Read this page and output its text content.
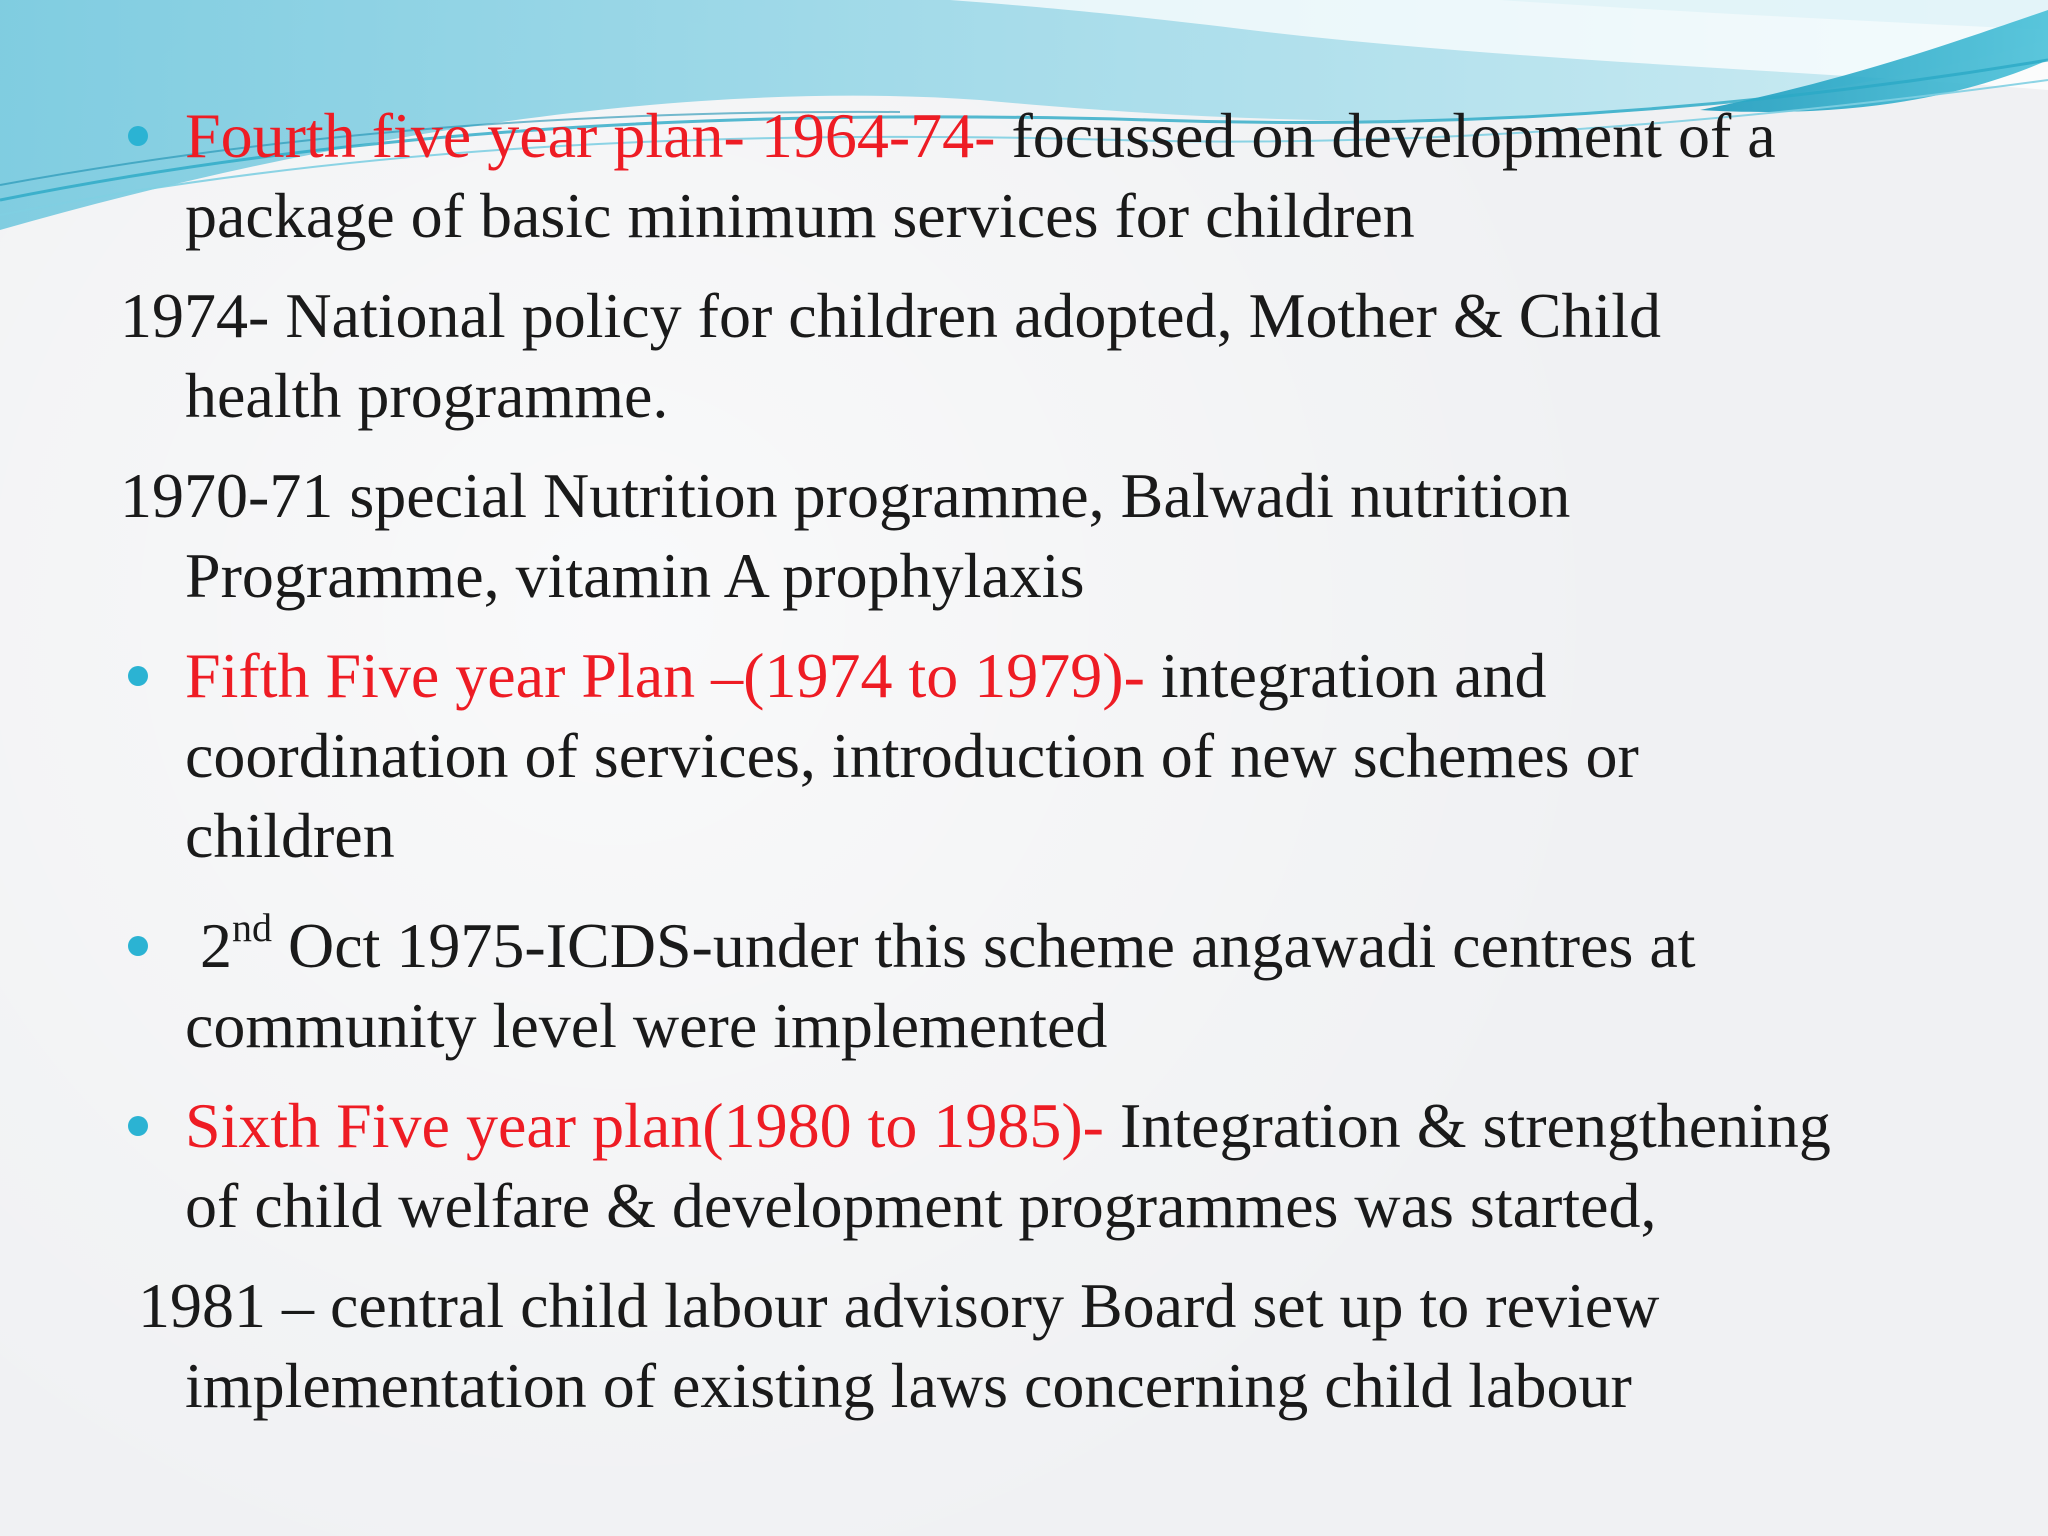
Fourth five year plan- 1964-74- focussed on development of a
package of basic minimum services for children
1974- National policy for children adopted, Mother & Child
health programme.
1970-71 special Nutrition programme, Balwadi nutrition
Programme, vitamin A prophylaxis
Fifth Five year Plan –(1974 to 1979)- integration and
coordination of services, introduction of new schemes or
children
2nd Oct 1975-ICDS-under this scheme angawadi centres at
community level were implemented
Sixth Five year plan(1980 to 1985)- Integration & strengthening
of child welfare & development programmes was started,
1981 – central child labour advisory Board set up to review
implementation of existing laws concerning child labour
